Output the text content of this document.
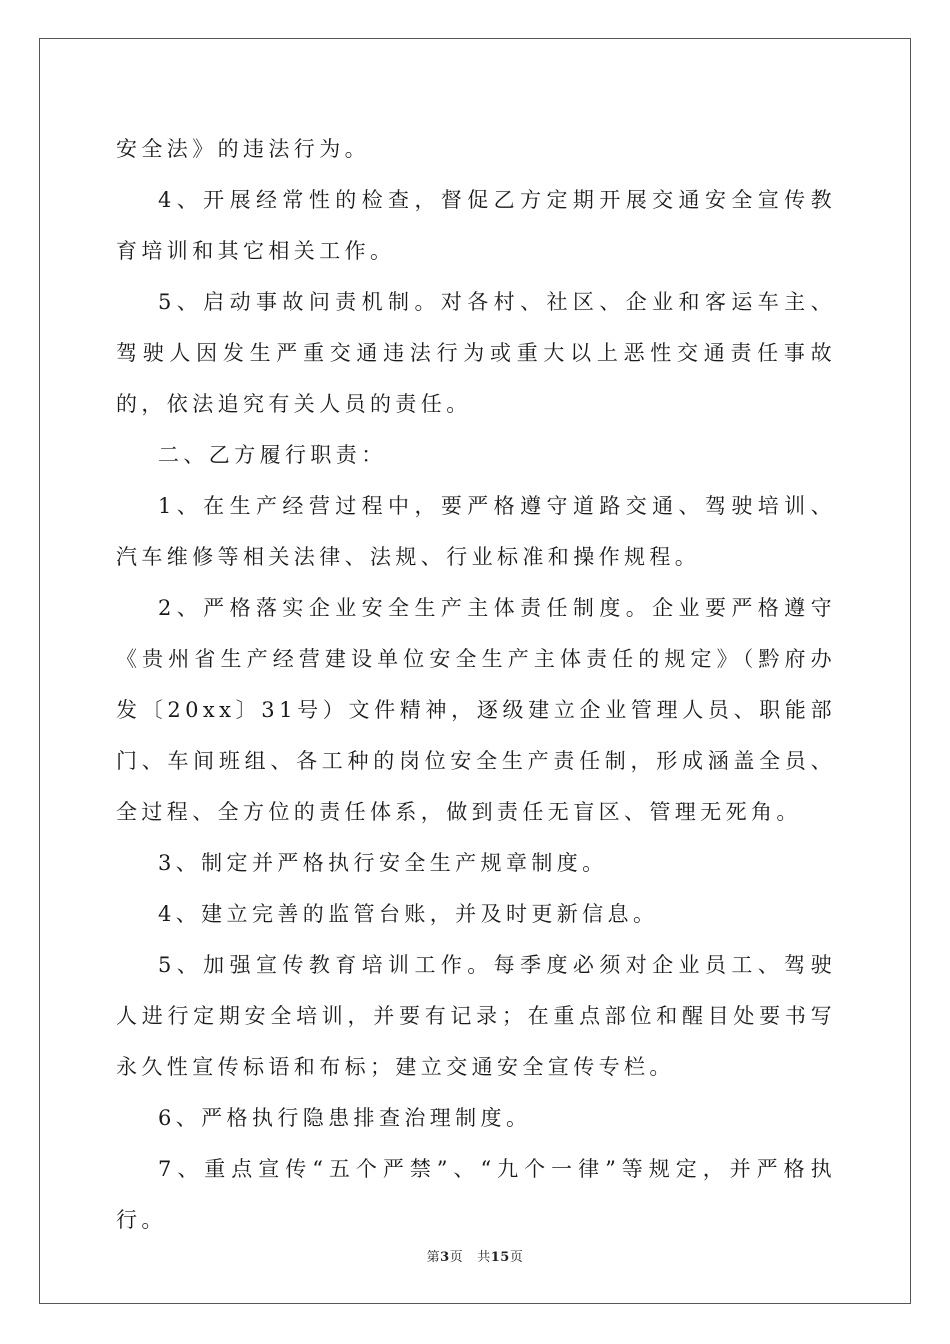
安全法》的违法行为。

4、开展经常性的检查，督促乙方定期开展交通安全宣传教育培训和其它相关工作。

5、启动事故问责机制。对各村、社区、企业和客运车主、驾驶人因发生严重交通违法行为或重大以上恶性交通责任事故的，依法追究有关人员的责任。

二、乙方履行职责：

1、在生产经营过程中，要严格遵守道路交通、驾驶培训、汽车维修等相关法律、法规、行业标准和操作规程。

2、严格落实企业安全生产主体责任制度。企业要严格遵守《贵州省生产经营建设单位安全生产主体责任的规定》（黔府办发〔20xx〕31号）文件精神，逐级建立企业管理人员、职能部门、车间班组、各工种的岗位安全生产责任制，形成涵盖全员、全过程、全方位的责任体系，做到责任无盲区、管理无死角。

3、制定并严格执行安全生产规章制度。

4、建立完善的监管台账，并及时更新信息。

5、加强宣传教育培训工作。每季度必须对企业员工、驾驶人进行定期安全培训，并要有记录；在重点部位和醒目处要书写永久性宣传标语和布标；建立交通安全宣传专栏。

6、严格执行隐患排查治理制度。

7、重点宣传“五个严禁”、“九个一律”等规定，并严格执行。

第3页 共15页
